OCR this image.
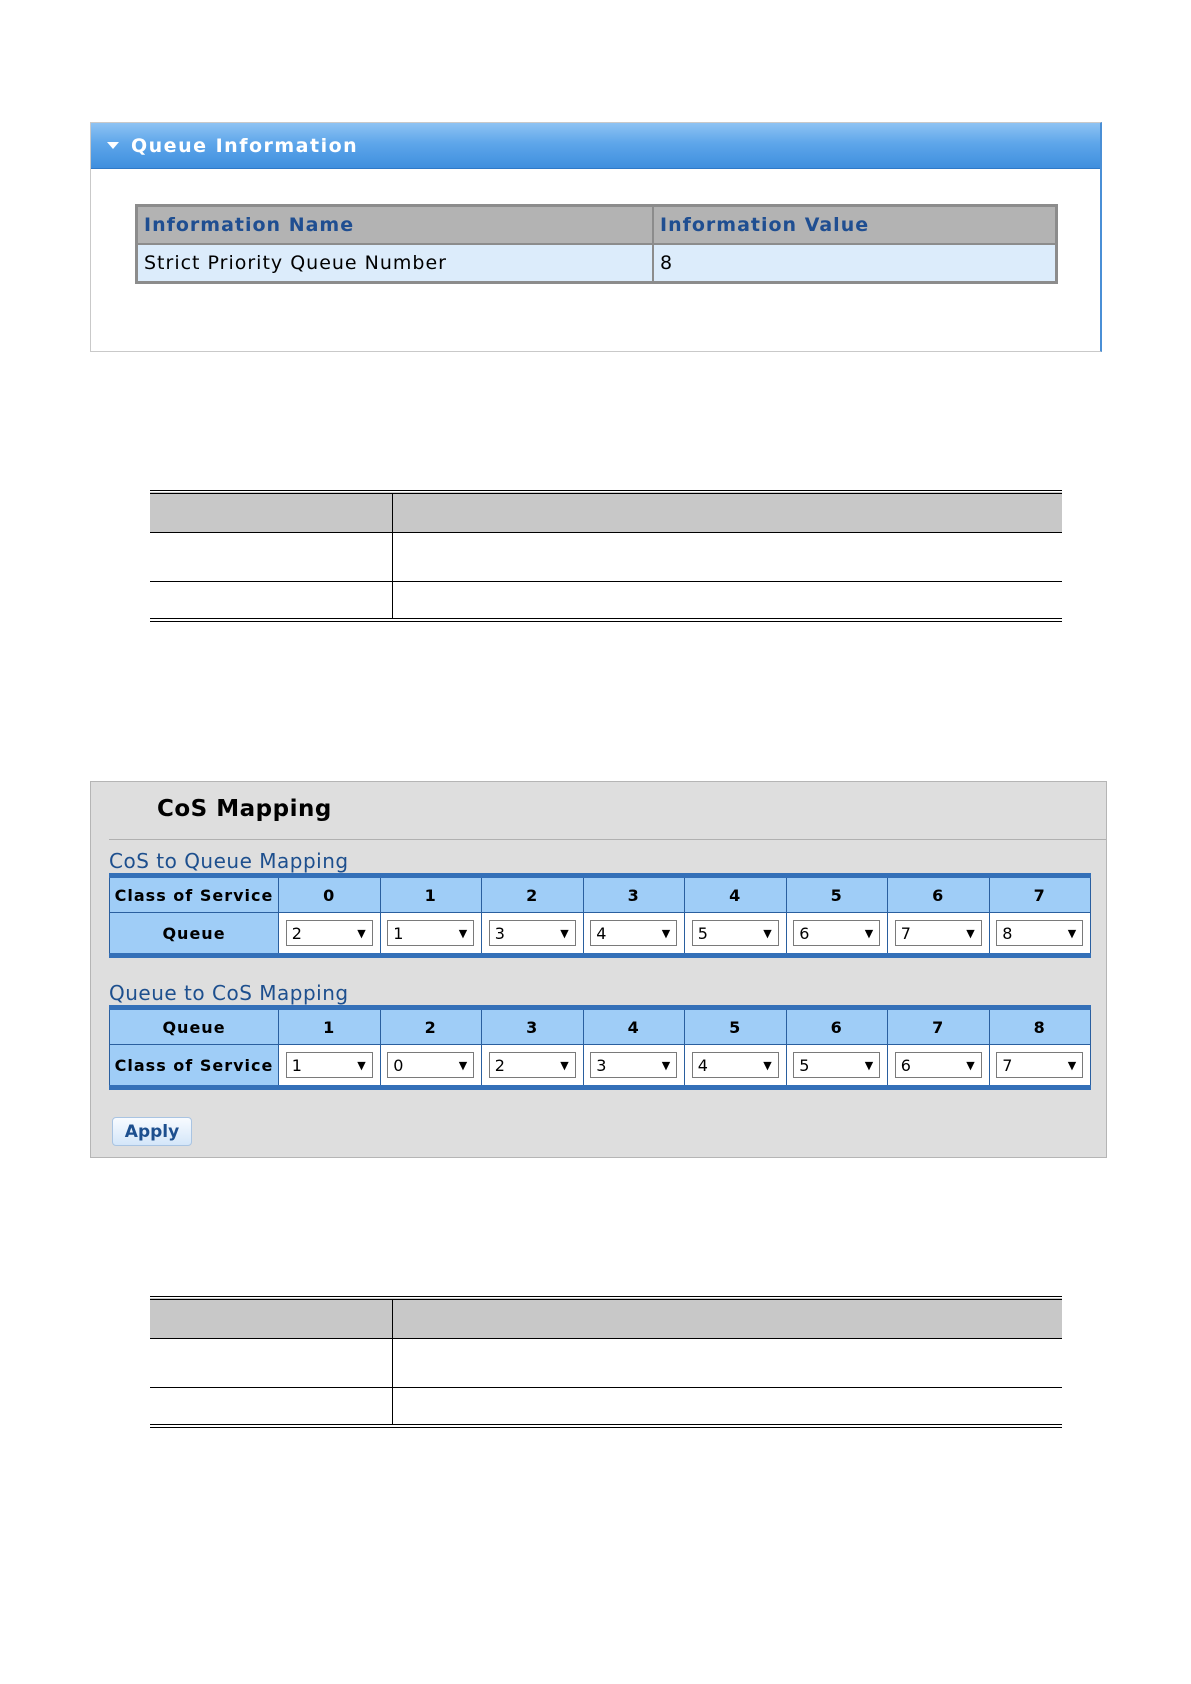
Queue Information
Information Name	Information Value
Strict Priority Queue Number	8

CoS Mapping
CoS to Queue Mapping
Class of Service	0	1	2	3	4	5	6	7
Queue	2 ▼	1 ▼	3 ▼	4 ▼	5 ▼	6 ▼	7 ▼	8 ▼
Queue to CoS Mapping
Queue	1	2	3	4	5	6	7	8
Class of Service	1 ▼	0 ▼	2 ▼	3 ▼	4 ▼	5 ▼	6 ▼	7 ▼
Apply
